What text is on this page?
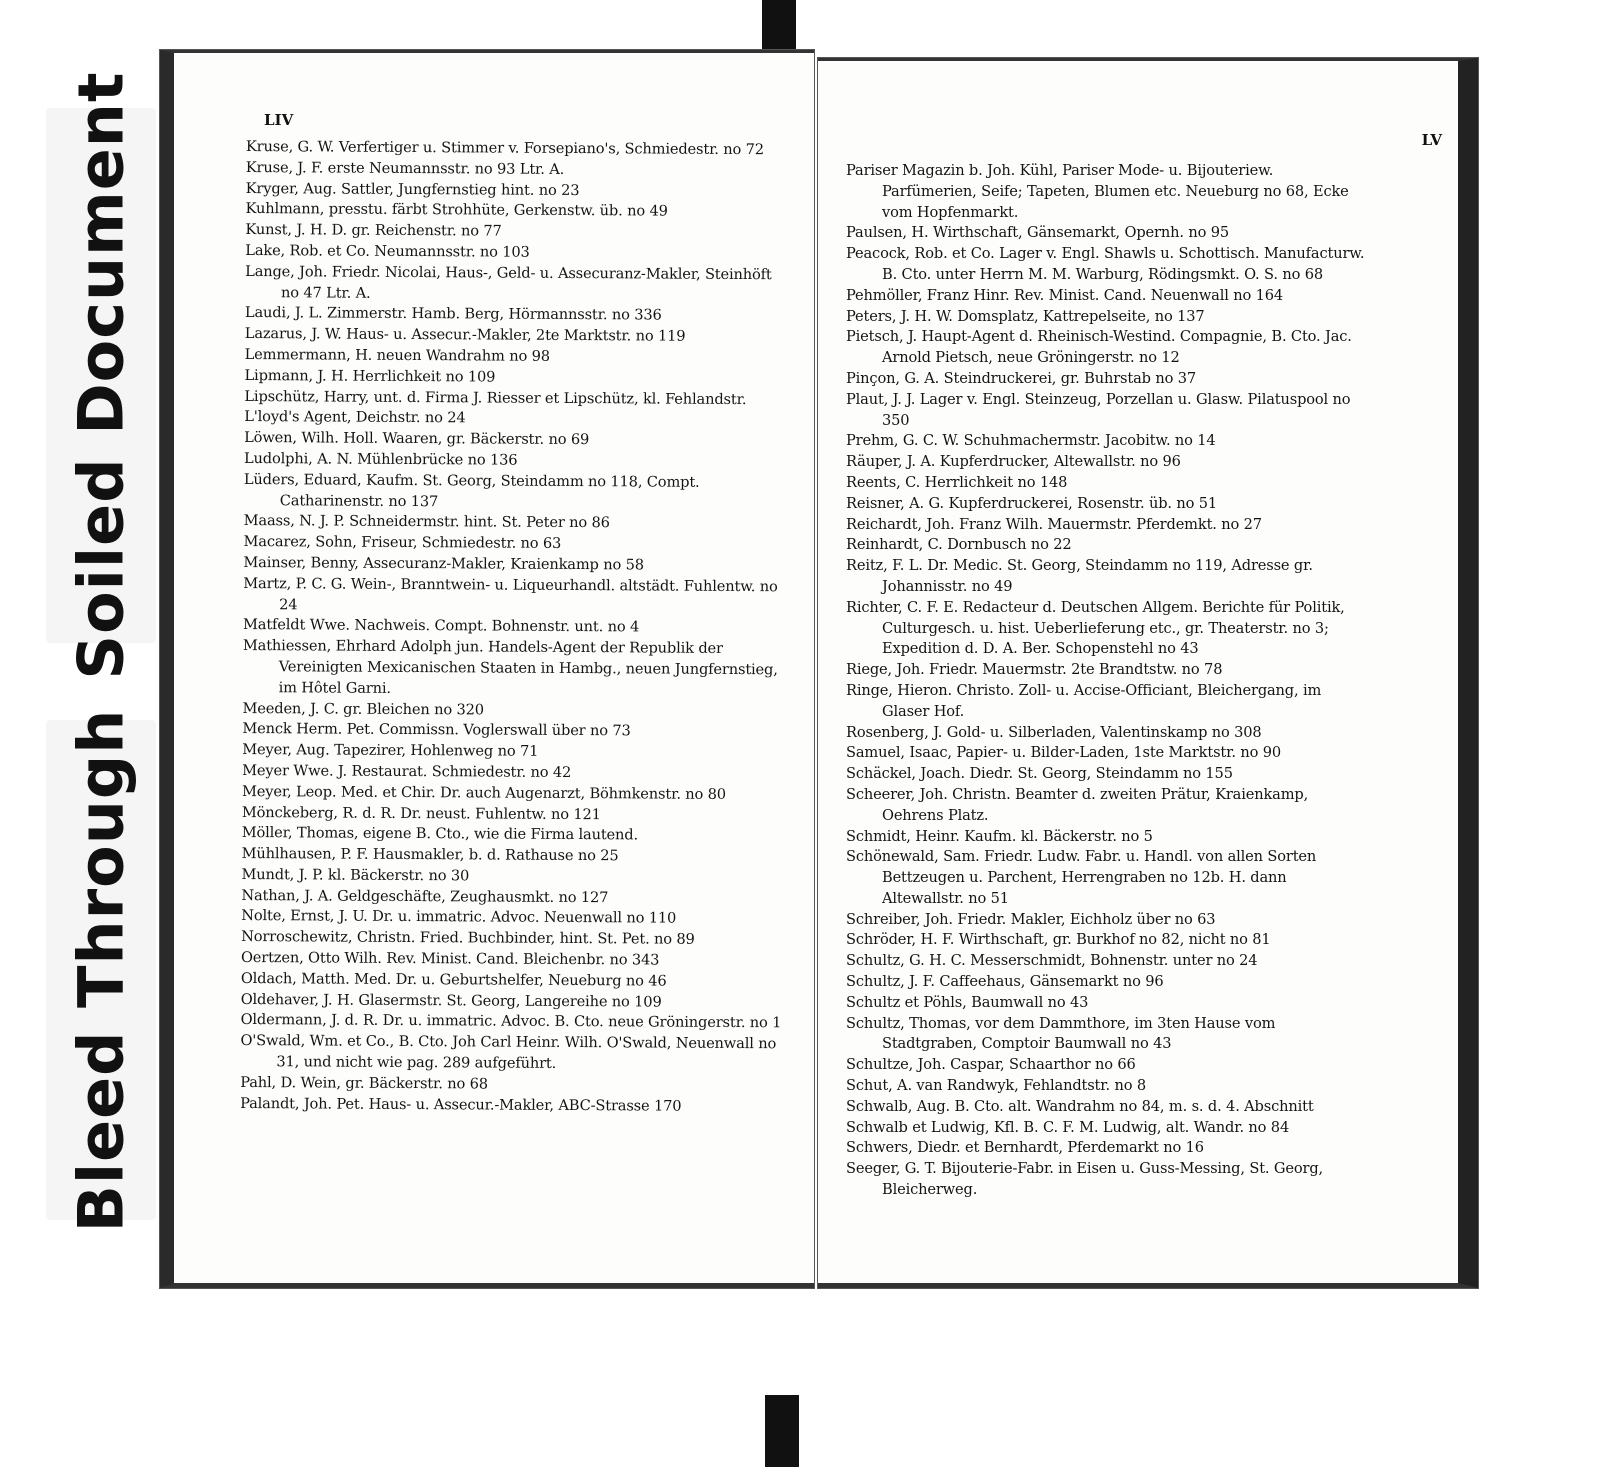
Soiled Document
Bleed Through
LIV
Kruse, G. W. Verfertiger u. Stimmer v. Forsepiano's, Schmiedestr. no 72
Kruse, J. F. erste Neumannsstr. no 93 Ltr. A.
Kryger, Aug. Sattler, Jungfernstieg hint. no 23
Kuhlmann, presstu. färbt Strohhüte, Gerkenstw. üb. no 49
Kunst, J. H. D. gr. Reichenstr. no 77
Lake, Rob. et Co. Neumannsstr. no 103
Lange, Joh. Friedr. Nicolai, Haus-, Geld- u. Assecuranz-Makler, Steinhöft no 47 Ltr. A.
Laudi, J. L. Zimmerstr. Hamb. Berg, Hörmannsstr. no 336
Lazarus, J. W. Haus- u. Assecur.-Makler, 2te Marktstr. no 119
Lemmermann, H. neuen Wandrahm no 98
Lipmann, J. H. Herrlichkeit no 109
Lipschütz, Harry, unt. d. Firma J. Riesser et Lipschütz, kl. Fehlandstr.
L'loyd's Agent, Deichstr. no 24
Löwen, Wilh. Holl. Waaren, gr. Bäckerstr. no 69
Ludolphi, A. N. Mühlenbrücke no 136
Lüders, Eduard, Kaufm. St. Georg, Steindamm no 118, Compt. Catharinenstr. no 137
Maass, N. J. P. Schneidermstr. hint. St. Peter no 86
Macarez, Sohn, Friseur, Schmiedestr. no 63
Mainser, Benny, Assecuranz-Makler, Kraienkamp no 58
Martz, P. C. G. Wein-, Branntwein- u. Liqueurhandl. altstädt. Fuhlentw. no 24
Matfeldt Wwe. Nachweis. Compt. Bohnenstr. unt. no 4
Mathiessen, Ehrhard Adolph jun. Handels-Agent der Republik der Vereinigten Mexicanischen Staaten in Hambg., neuen Jungfernstieg, im Hôtel Garni.
Meeden, J. C. gr. Bleichen no 320
Menck Herm. Pet. Commissn. Voglerswall über no 73
Meyer, Aug. Tapezirer, Hohlenweg no 71
Meyer Wwe. J. Restaurat. Schmiedestr. no 42
Meyer, Leop. Med. et Chir. Dr. auch Augenarzt, Böhmkenstr. no 80
Mönckeberg, R. d. R. Dr. neust. Fuhlentw. no 121
Möller, Thomas, eigene B. Cto., wie die Firma lautend.
Mühlhausen, P. F. Hausmakler, b. d. Rathause no 25
Mundt, J. P. kl. Bäckerstr. no 30
Nathan, J. A. Geldgeschäfte, Zeughausmkt. no 127
Nolte, Ernst, J. U. Dr. u. immatric. Advoc. Neuenwall no 110
Norroschewitz, Christn. Fried. Buchbinder, hint. St. Pet. no 89
Oertzen, Otto Wilh. Rev. Minist. Cand. Bleichenbr. no 343
Oldach, Matth. Med. Dr. u. Geburtshelfer, Neueburg no 46
Oldehaver, J. H. Glasermstr. St. Georg, Langereihe no 109
Oldermann, J. d. R. Dr. u. immatric. Advoc. B. Cto. neue Gröningerstr. no 1
O'Swald, Wm. et Co., B. Cto. Joh Carl Heinr. Wilh. O'Swald, Neuenwall no 31, und nicht wie pag. 289 aufgeführt.
Pahl, D. Wein, gr. Bäckerstr. no 68
Palandt, Joh. Pet. Haus- u. Assecur.-Makler, ABC-Strasse 170
LV
Pariser Magazin b. Joh. Kühl, Pariser Mode- u. Bijouteriew. Parfümerien, Seife; Tapeten, Blumen etc. Neueburg no 68, Ecke vom Hopfenmarkt.
Paulsen, H. Wirthschaft, Gänsemarkt, Opernh. no 95
Peacock, Rob. et Co. Lager v. Engl. Shawls u. Schottisch. Manufacturw. B. Cto. unter Herrn M. M. Warburg, Rödingsmkt. O. S. no 68
Pehmöller, Franz Hinr. Rev. Minist. Cand. Neuenwall no 164
Peters, J. H. W. Domsplatz, Kattrepelseite, no 137
Pietsch, J. Haupt-Agent d. Rheinisch-Westind. Compagnie, B. Cto. Jac. Arnold Pietsch, neue Gröningerstr. no 12
Pinçon, G. A. Steindruckerei, gr. Buhrstab no 37
Plaut, J. J. Lager v. Engl. Steinzeug, Porzellan u. Glasw. Pilatuspool no 350
Prehm, G. C. W. Schuhmachermstr. Jacobitw. no 14
Räuper, J. A. Kupferdrucker, Altewallstr. no 96
Reents, C. Herrlichkeit no 148
Reisner, A. G. Kupferdruckerei, Rosenstr. üb. no 51
Reichardt, Joh. Franz Wilh. Mauermstr. Pferdemkt. no 27
Reinhardt, C. Dornbusch no 22
Reitz, F. L. Dr. Medic. St. Georg, Steindamm no 119, Adresse gr. Johannisstr. no 49
Richter, C. F. E. Redacteur d. Deutschen Allgem. Berichte für Politik, Culturgesch. u. hist. Ueberlieferung etc., gr. Theaterstr. no 3; Expedition d. D. A. Ber. Schopenstehl no 43
Riege, Joh. Friedr. Mauermstr. 2te Brandtstw. no 78
Ringe, Hieron. Christo. Zoll- u. Accise-Officiant, Bleichergang, im Glaser Hof.
Rosenberg, J. Gold- u. Silberladen, Valentinskamp no 308
Samuel, Isaac, Papier- u. Bilder-Laden, 1ste Marktstr. no 90
Schäckel, Joach. Diedr. St. Georg, Steindamm no 155
Scheerer, Joh. Christn. Beamter d. zweiten Prätur, Kraienkamp, Oehrens Platz.
Schmidt, Heinr. Kaufm. kl. Bäckerstr. no 5
Schönewald, Sam. Friedr. Ludw. Fabr. u. Handl. von allen Sorten Bettzeugen u. Parchent, Herrengraben no 12b. H. dann Altewallstr. no 51
Schreiber, Joh. Friedr. Makler, Eichholz über no 63
Schröder, H. F. Wirthschaft, gr. Burkhof no 82, nicht no 81
Schultz, G. H. C. Messerschmidt, Bohnenstr. unter no 24
Schultz, J. F. Caffeehaus, Gänsemarkt no 96
Schultz et Pöhls, Baumwall no 43
Schultz, Thomas, vor dem Dammthore, im 3ten Hause vom Stadtgraben, Comptoir Baumwall no 43
Schultze, Joh. Caspar, Schaarthor no 66
Schut, A. van Randwyk, Fehlandtstr. no 8
Schwalb, Aug. B. Cto. alt. Wandrahm no 84, m. s. d. 4. Abschnitt
Schwalb et Ludwig, Kfl. B. C. F. M. Ludwig, alt. Wandr. no 84
Schwers, Diedr. et Bernhardt, Pferdemarkt no 16
Seeger, G. T. Bijouterie-Fabr. in Eisen u. Guss-Messing, St. Georg, Bleicherweg.
